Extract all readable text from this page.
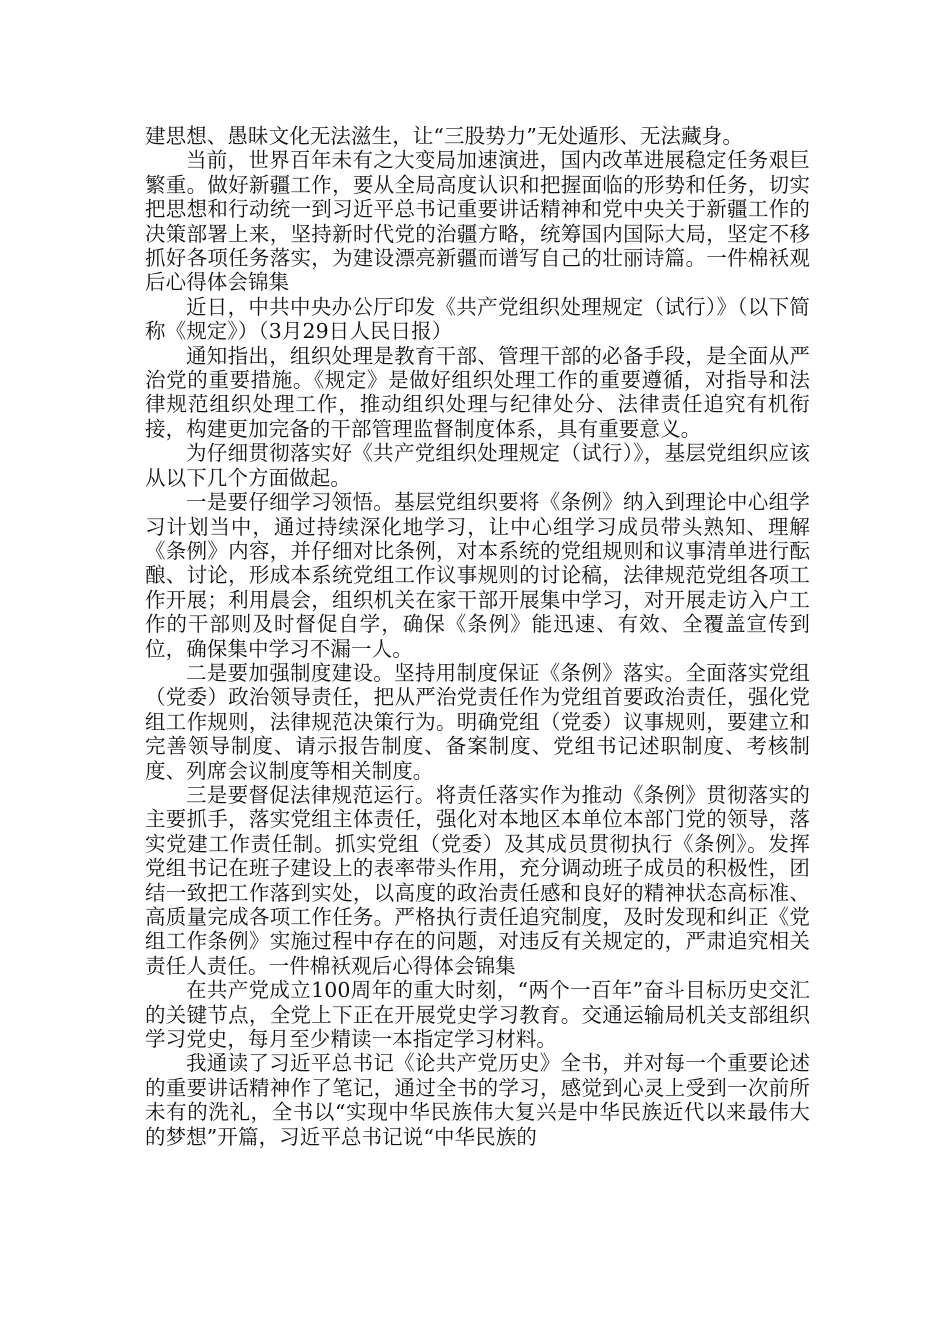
建思想、愚昧文化无法滋生，让“三股势力”无处遁形、无法藏身。

当前，世界百年未有之大变局加速演进，国内改革进展稳定任务艰巨繁重。做好新疆工作，要从全局高度认识和把握面临的形势和任务，切实把思想和行动统一到习近平总书记重要讲话精神和党中央关于新疆工作的决策部署上来，坚持新时代党的治疆方略，统筹国内国际大局，坚定不移抓好各项任务落实，为建设漂亮新疆而谱写自己的壮丽诗篇。一件棉袄观后心得体会锦集

近日，中共中央办公厅印发《共产党组织处理规定（试行）》（以下简称《规定》）（3月29日人民日报）

通知指出，组织处理是教育干部、管理干部的必备手段，是全面从严治党的重要措施。《规定》是做好组织处理工作的重要遵循，对指导和法律规范组织处理工作，推动组织处理与纪律处分、法律责任追究有机衔接，构建更加完备的干部管理监督制度体系，具有重要意义。

为仔细贯彻落实好《共产党组织处理规定（试行）》，基层党组织应该从以下几个方面做起。

一是要仔细学习领悟。基层党组织要将《条例》纳入到理论中心组学习计划当中，通过持续深化地学习，让中心组学习成员带头熟知、理解《条例》内容，并仔细对比条例，对本系统的党组规则和议事清单进行酝酿、讨论，形成本系统党组工作议事规则的讨论稿，法律规范党组各项工作开展；利用晨会，组织机关在家干部开展集中学习，对开展走访入户工作的干部则及时督促自学，确保《条例》能迅速、有效、全覆盖宣传到位，确保集中学习不漏一人。

二是要加强制度建设。坚持用制度保证《条例》落实。全面落实党组（党委）政治领导责任，把从严治党责任作为党组首要政治责任，强化党组工作规则，法律规范决策行为。明确党组（党委）议事规则，要建立和完善领导制度、请示报告制度、备案制度、党组书记述职制度、考核制度、列席会议制度等相关制度。

三是要督促法律规范运行。将责任落实作为推动《条例》贯彻落实的主要抓手，落实党组主体责任，强化对本地区本单位本部门党的领导，落实党建工作责任制。抓实党组（党委）及其成员贯彻执行《条例》。发挥党组书记在班子建设上的表率带头作用，充分调动班子成员的积极性，团结一致把工作落到实处，以高度的政治责任感和良好的精神状态高标准、高质量完成各项工作任务。严格执行责任追究制度，及时发现和纠正《党组工作条例》实施过程中存在的问题，对违反有关规定的，严肃追究相关责任人责任。一件棉袄观后心得体会锦集

在共产党成立100周年的重大时刻，“两个一百年”奋斗目标历史交汇的关键节点，全党上下正在开展党史学习教育。交通运输局机关支部组织学习党史，每月至少精读一本指定学习材料。

我通读了习近平总书记《论共产党历史》全书，并对每一个重要论述的重要讲话精神作了笔记，通过全书的学习，感觉到心灵上受到一次前所未有的洗礼，全书以“实现中华民族伟大复兴是中华民族近代以来最伟大的梦想”开篇，习近平总书记说“中华民族的
